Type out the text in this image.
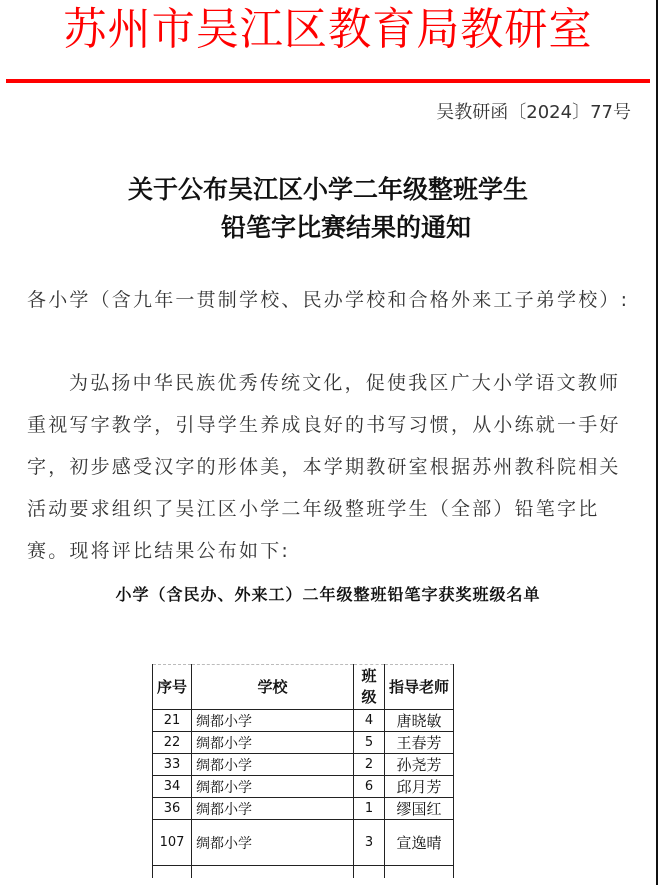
苏州市吴江区教育局教研室
吴教研函〔2024〕77号
关于公布吴江区小学二年级整班学生
铅笔字比赛结果的通知
各小学（含九年一贯制学校、民办学校和合格外来工子弟学校）:
为弘扬中华民族优秀传统文化，促使我区广大小学语文教师重视写字教学，引导学生养成良好的书写习惯，从小练就一手好字，初步感受汉字的形体美，本学期教研室根据苏州教科院相关活动要求组织了吴江区小学二年级整班学生（全部）铅笔字比赛。现将评比结果公布如下:
小学（含民办、外来工）二年级整班铅笔字获奖班级名单
序号	学校	班级	指导老师
21	绸都小学	4	唐晓敏
22	绸都小学	5	王春芳
33	绸都小学	2	孙尧芳
34	绸都小学	6	邱月芳
36	绸都小学	1	缪国红
107	绸都小学	3	宣逸晴
